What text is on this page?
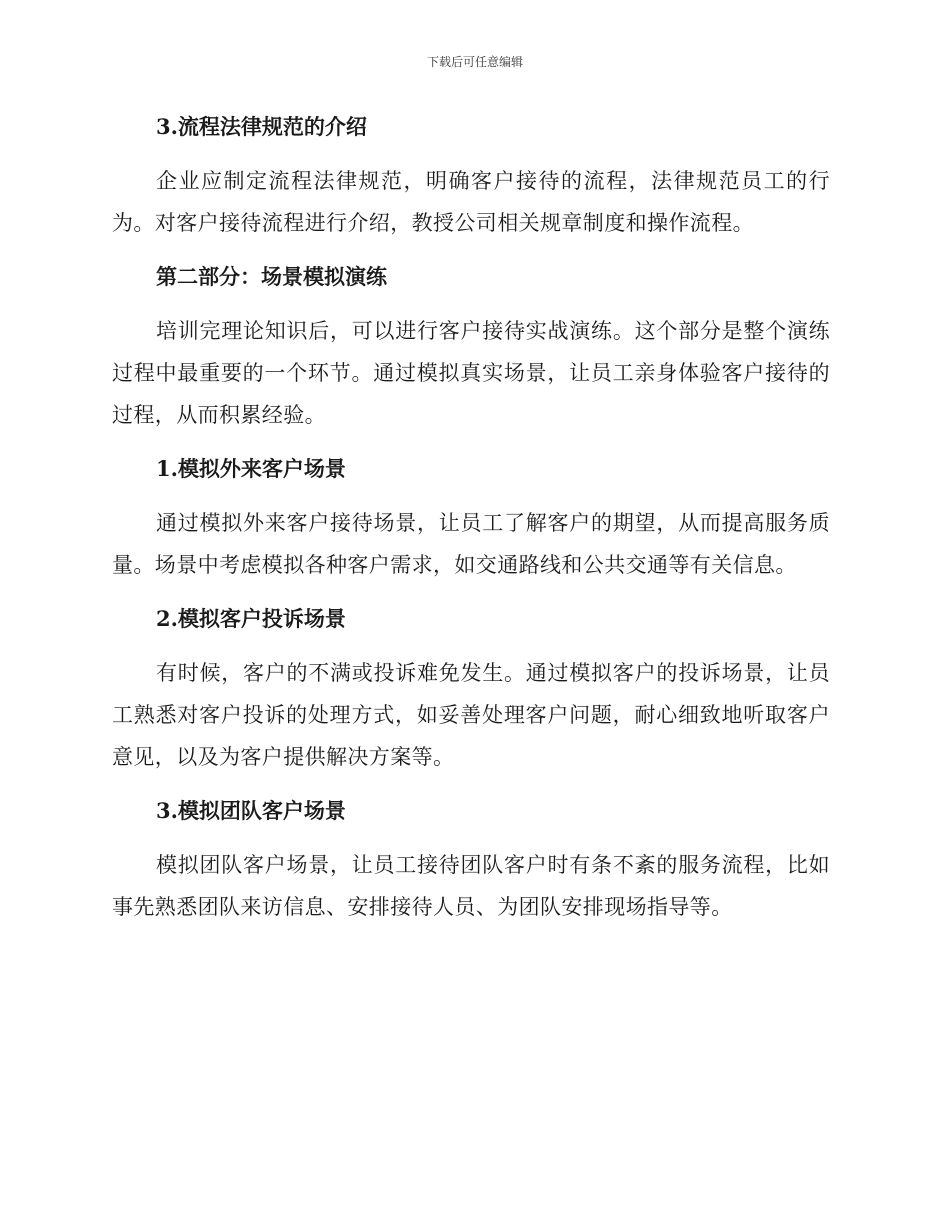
下载后可任意编辑
3.流程法律规范的介绍

企业应制定流程法律规范，明确客户接待的流程，法律规范员工的行为。对客户接待流程进行介绍，教授公司相关规章制度和操作流程。

第二部分：场景模拟演练

培训完理论知识后，可以进行客户接待实战演练。这个部分是整个演练过程中最重要的一个环节。通过模拟真实场景，让员工亲身体验客户接待的过程，从而积累经验。

1.模拟外来客户场景

通过模拟外来客户接待场景，让员工了解客户的期望，从而提高服务质量。场景中考虑模拟各种客户需求，如交通路线和公共交通等有关信息。

2.模拟客户投诉场景

有时候，客户的不满或投诉难免发生。通过模拟客户的投诉场景，让员工熟悉对客户投诉的处理方式，如妥善处理客户问题，耐心细致地听取客户意见，以及为客户提供解决方案等。

3.模拟团队客户场景

模拟团队客户场景，让员工接待团队客户时有条不紊的服务流程，比如事先熟悉团队来访信息、安排接待人员、为团队安排现场指导等。
